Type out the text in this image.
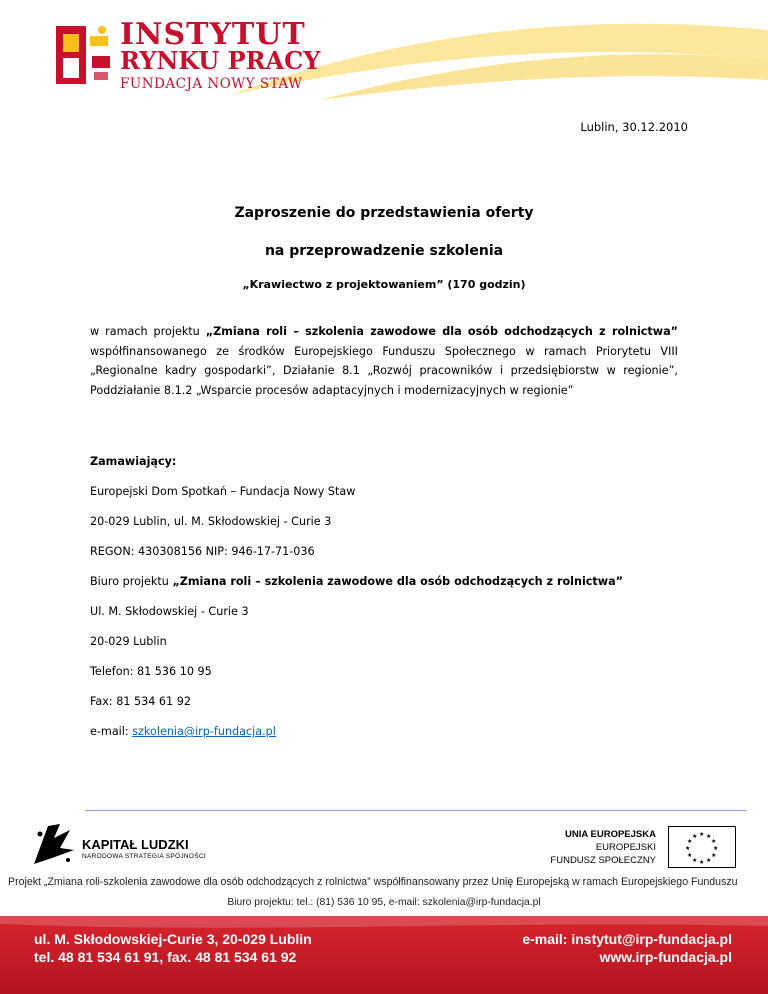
INSTYTUT
RYNKU PRACY
FUNDACJA NOWY STAW
Lublin, 30.12.2010
Zaproszenie do przedstawienia oferty
na przeprowadzenie szkolenia
„Krawiectwo z projektowaniem” (170 godzin)
w ramach projektu „Zmiana roli – szkolenia zawodowe dla osób odchodzących z rolnictwa” współfinansowanego ze środków Europejskiego Funduszu Społecznego w ramach Priorytetu VIII „Regionalne kadry gospodarki”, Działanie 8.1 „Rozwój pracowników i przedsiębiorstw w regionie”, Poddziałanie 8.1.2 „Wsparcie procesów adaptacyjnych i modernizacyjnych w regionie”
Zamawiający:
Europejski Dom Spotkań – Fundacja Nowy Staw
20-029 Lublin, ul. M. Skłodowskiej - Curie 3
REGON: 430308156 NIP: 946-17-71-036
Biuro projektu „Zmiana roli – szkolenia zawodowe dla osób odchodzących z rolnictwa”
Ul. M. Skłodowskiej - Curie 3
20-029 Lublin
Telefon: 81 536 10 95
Fax: 81 534 61 92
e-mail: szkolenia@irp-fundacja.pl
KAPITAŁ LUDZKI
NARODOWA STRATEGIA SPÓJNOŚCI
UNIA EUROPEJSKA
EUROPEJSKI
FUNDUSZ SPOŁECZNY
★ ★
★
★
★
★
★
★
★
★
★
★
Projekt „Zmiana roli-szkolenia zawodowe dla osób odchodzących z rolnictwa” współfinansowany przez Unię Europejską w ramach Europejskiego Funduszu
Biuro projektu: tel.: (81) 536 10 95, e-mail: szkolenia@irp-fundacja.pl
ul. M. Skłodowskiej-Curie 3, 20-029 Lublin
tel. 48 81 534 61 91, fax. 48 81 534 61 92
e-mail: instytut@irp-fundacja.pl
www.irp-fundacja.pl
